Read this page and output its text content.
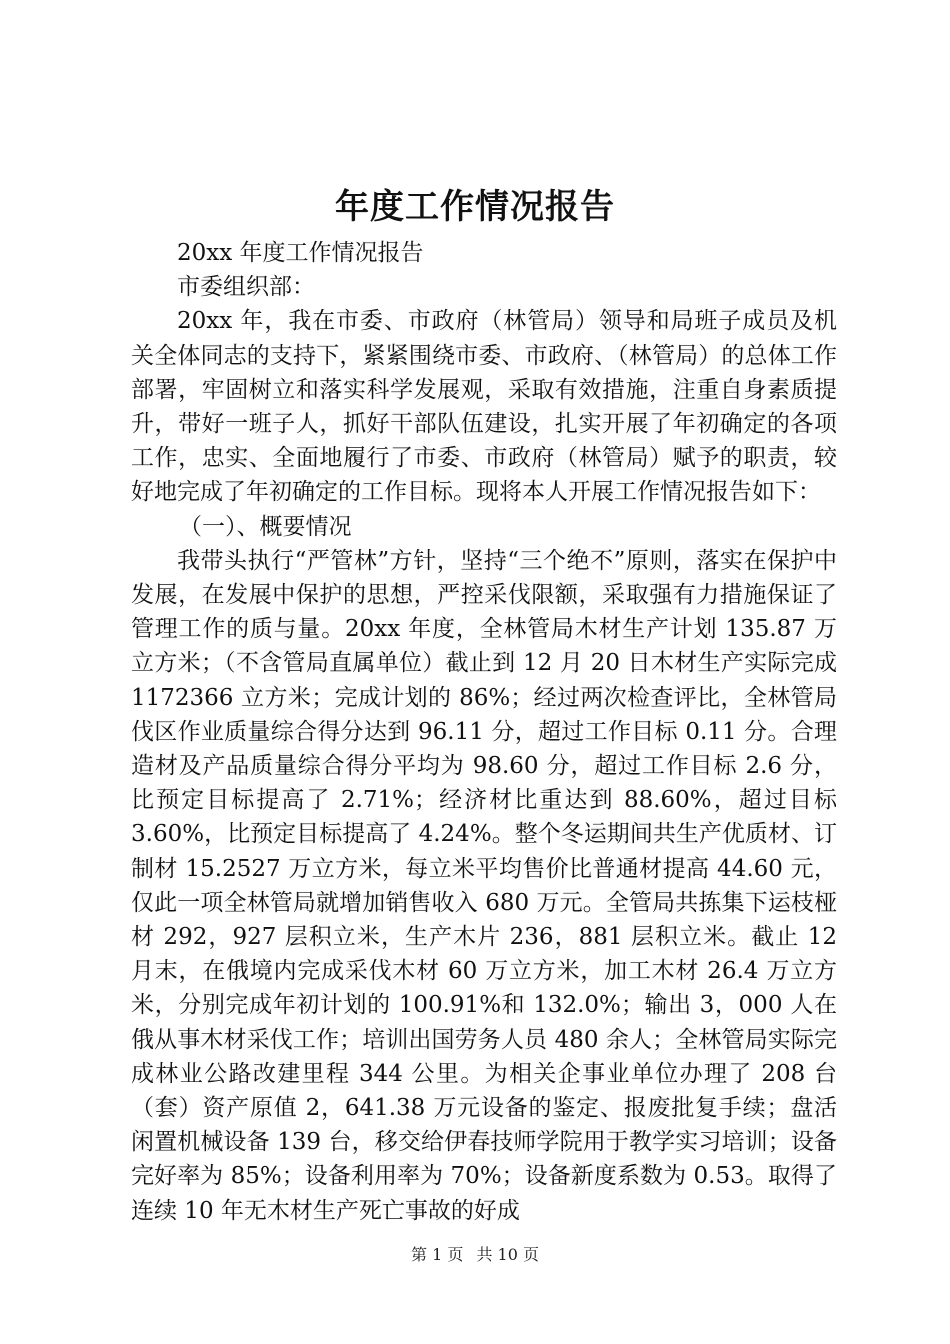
年度工作情况报告

20xx 年度工作情况报告

市委组织部：

20xx 年，我在市委、市政府（林管局）领导和局班子成员及机关全体同志的支持下，紧紧围绕市委、市政府、（林管局）的总体工作部署，牢固树立和落实科学发展观，采取有效措施，注重自身素质提升，带好一班子人，抓好干部队伍建设，扎实开展了年初确定的各项工作，忠实、全面地履行了市委、市政府（林管局）赋予的职责，较好地完成了年初确定的工作目标。现将本人开展工作情况报告如下：

（一）、概要情况

我带头执行“严管林”方针，坚持“三个绝不”原则，落实在保护中发展，在发展中保护的思想，严控采伐限额，采取强有力措施保证了管理工作的质与量。20xx 年度，全林管局木材生产计划 135.87 万立方米；（不含管局直属单位）截止到 12 月 20 日木材生产实际完成 1172366 立方米；完成计划的 86%；经过两次检查评比，全林管局伐区作业质量综合得分达到 96.11 分，超过工作目标 0.11 分。合理造材及产品质量综合得分平均为 98.60 分，超过工作目标 2.6 分，比预定目标提高了 2.71%；经济材比重达到 88.60%，超过目标 3.60%，比预定目标提高了 4.24%。整个冬运期间共生产优质材、订制材 15.2527 万立方米，每立米平均售价比普通材提高 44.60 元，仅此一项全林管局就增加销售收入 680 万元。全管局共拣集下运枝桠材 292，927 层积立米，生产木片 236，881 层积立米。截止 12 月末，在俄境内完成采伐木材 60 万立方米，加工木材 26.4 万立方米，分别完成年初计划的 100.91%和 132.0%；输出 3，000 人在俄从事木材采伐工作；培训出国劳务人员 480 余人；全林管局实际完成林业公路改建里程 344 公里。为相关企事业单位办理了 208 台（套）资产原值 2，641.38 万元设备的鉴定、报废批复手续；盘活闲置机械设备 139 台，移交给伊春技师学院用于教学实习培训；设备完好率为 85%；设备利用率为 70%；设备新度系数为 0.53。取得了连续 10 年无木材生产死亡事故的好成

第 1 页 共 10 页
